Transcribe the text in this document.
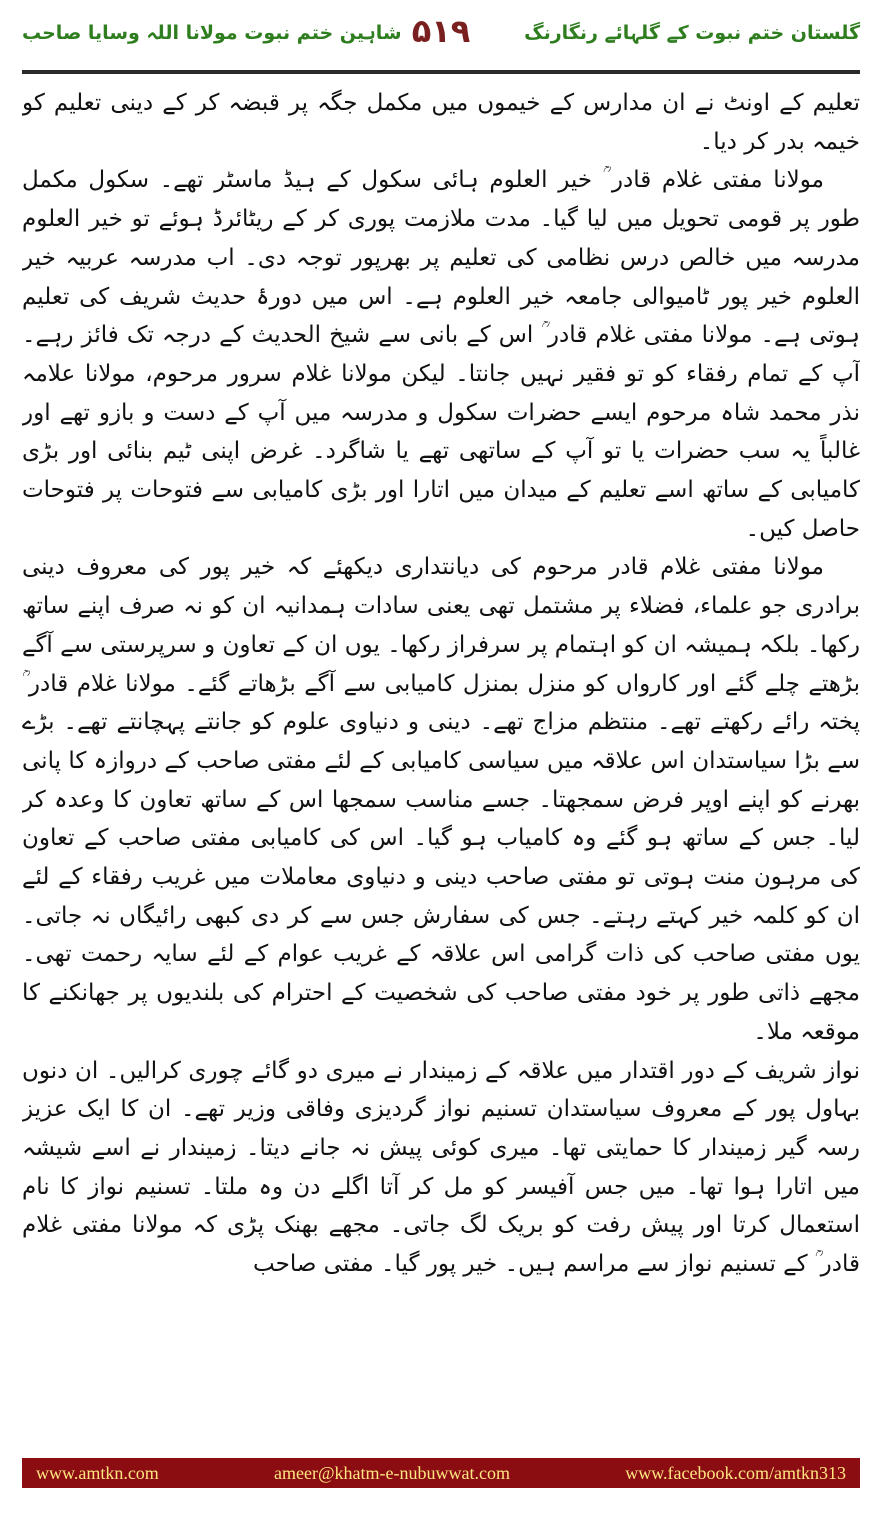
شاہین ختم نبوت مولانا اللہ وسایا صاحب ۵۱۹	گلستان ختم نبوت کے گلہائے رنگارنگ

تعلیم کے اونٹ نے ان مدارس کے خیموں میں مکمل جگہ پر قبضہ کر کے دینی تعلیم کو خیمہ بدر کر دیا۔

مولانا مفتی غلام قادر ؒ خیر العلوم ہائی سکول کے ہیڈ ماسٹر تھے۔ سکول مکمل طور پر قومی تحویل میں لیا گیا۔ مدت ملازمت پوری کر کے ریٹائرڈ ہوئے تو خیر العلوم مدرسہ میں خالص درس نظامی کی تعلیم پر بھرپور توجہ دی۔ اب مدرسہ عربیہ خیر العلوم خیر پور ٹامیوالی جامعہ خیر العلوم ہے۔ اس میں دورۂ حدیث شریف کی تعلیم ہوتی ہے۔ مولانا مفتی غلام قادر ؒ اس کے بانی سے شیخ الحدیث کے درجہ تک فائز رہے۔ آپ کے تمام رفقاء کو تو فقیر نہیں جانتا۔ لیکن مولانا غلام سرور مرحوم، مولانا علامہ نذر محمد شاہ مرحوم ایسے حضرات سکول و مدرسہ میں آپ کے دست و بازو تھے اور غالباً یہ سب حضرات یا تو آپ کے ساتھی تھے یا شاگرد۔ غرض اپنی ٹیم بنائی اور بڑی کامیابی کے ساتھ اسے تعلیم کے میدان میں اتارا اور بڑی کامیابی سے فتوحات پر فتوحات حاصل کیں۔

مولانا مفتی غلام قادر مرحوم کی دیانتداری دیکھئے کہ خیر پور کی معروف دینی برادری جو علماء، فضلاء پر مشتمل تھی یعنی سادات ہمدانیہ ان کو نہ صرف اپنے ساتھ رکھا۔ بلکہ ہمیشہ ان کو اہتمام پر سرفراز رکھا۔ یوں ان کے تعاون و سرپرستی سے آگے بڑھتے چلے گئے اور کارواں کو منزل بمنزل کامیابی سے آگے بڑھاتے گئے۔ مولانا غلام قادر ؒ پختہ رائے رکھتے تھے۔ منتظم مزاج تھے۔ دینی و دنیاوی علوم کو جانتے پہچانتے تھے۔ بڑے سے بڑا سیاستدان اس علاقہ میں سیاسی کامیابی کے لئے مفتی صاحب کے دروازہ کا پانی بھرنے کو اپنے اوپر فرض سمجھتا۔ جسے مناسب سمجھا اس کے ساتھ تعاون کا وعدہ کر لیا۔ جس کے ساتھ ہو گئے وہ کامیاب ہو گیا۔ اس کی کامیابی مفتی صاحب کے تعاون کی مرہون منت ہوتی تو مفتی صاحب دینی و دنیاوی معاملات میں غریب رفقاء کے لئے ان کو کلمہ خیر کہتے رہتے۔ جس کی سفارش جس سے کر دی کبھی رائیگاں نہ جاتی۔ یوں مفتی صاحب کی ذات گرامی اس علاقہ کے غریب عوام کے لئے سایہ رحمت تھی۔ مجھے ذاتی طور پر خود مفتی صاحب کی شخصیت کے احترام کی بلندیوں پر جھانکنے کا موقعہ ملا۔

نواز شریف کے دور اقتدار میں علاقہ کے زمیندار نے میری دو گائے چوری کرالیں۔ ان دنوں بہاول پور کے معروف سیاستدان تسنیم نواز گردیزی وفاقی وزیر تھے۔ ان کا ایک عزیز رسہ گیر زمیندار کا حمایتی تھا۔ میری کوئی پیش نہ جانے دیتا۔ زمیندار نے اسے شیشہ میں اتارا ہوا تھا۔ میں جس آفیسر کو مل کر آتا اگلے دن وہ ملتا۔ تسنیم نواز کا نام استعمال کرتا اور پیش رفت کو بریک لگ جاتی۔ مجھے بھنک پڑی کہ مولانا مفتی غلام قادر ؒ کے تسنیم نواز سے مراسم ہیں۔ خیر پور گیا۔ مفتی صاحب

www.amtkn.com	ameer@khatm-e-nubuwwat.com	www.facebook.com/amtkn313
